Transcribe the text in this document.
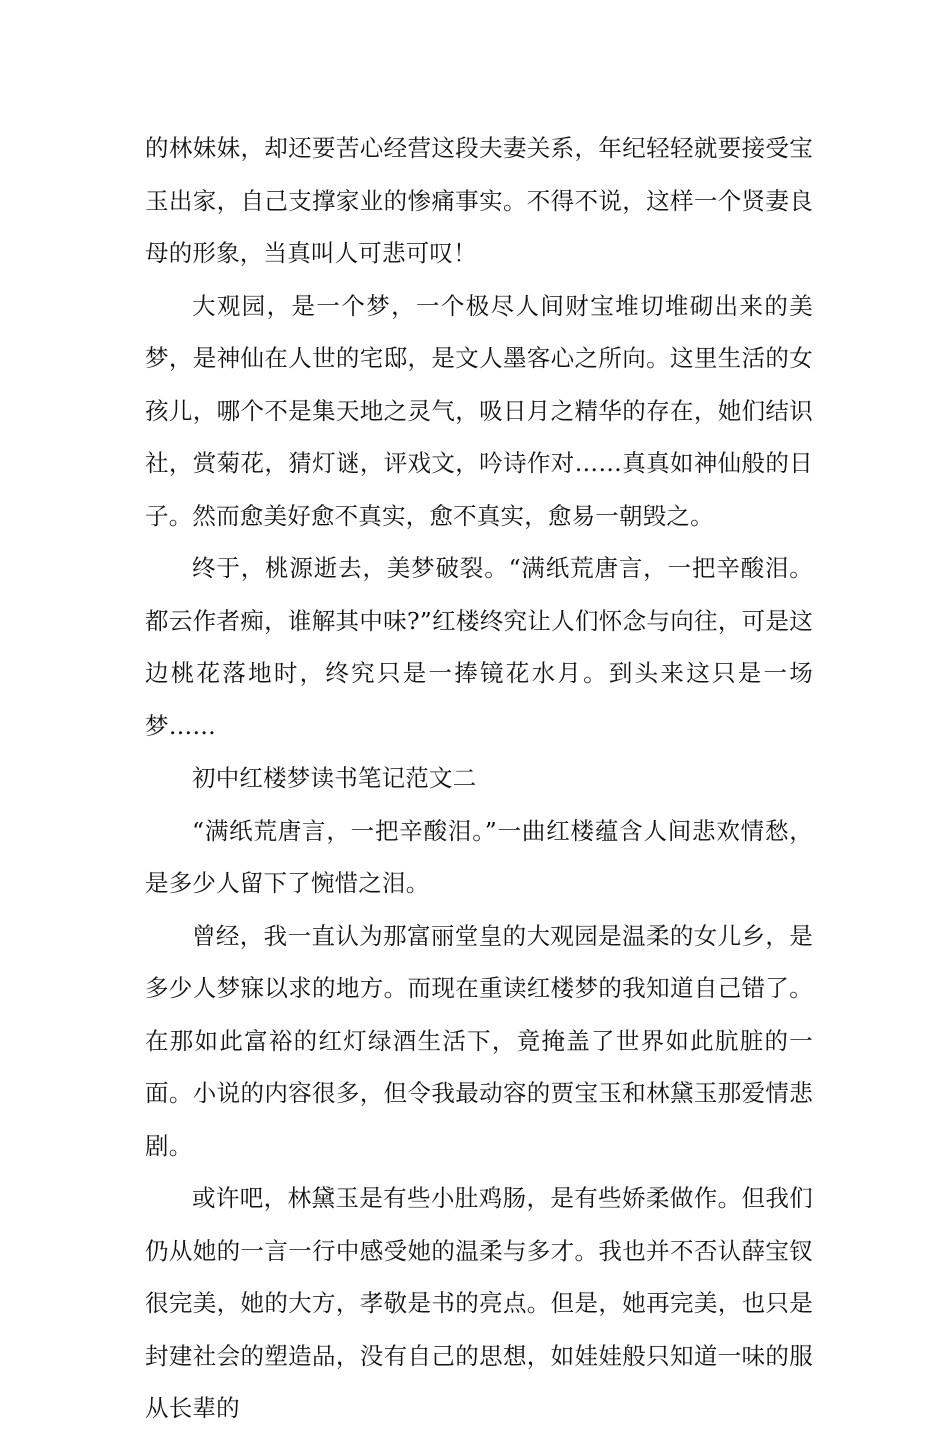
的林妹妹，却还要苦心经营这段夫妻关系，年纪轻轻就要接受宝玉出家，自己支撑家业的惨痛事实。不得不说，这样一个贤妻良母的形象，当真叫人可悲可叹！

大观园，是一个梦，一个极尽人间财宝堆切堆砌出来的美梦，是神仙在人世的宅邸，是文人墨客心之所向。这里生活的女孩儿，哪个不是集天地之灵气，吸日月之精华的存在，她们结识社，赏菊花，猜灯谜，评戏文，吟诗作对……真真如神仙般的日子。然而愈美好愈不真实，愈不真实，愈易一朝毁之。

终于，桃源逝去，美梦破裂。“满纸荒唐言，一把辛酸泪。都云作者痴，谁解其中味?”红楼终究让人们怀念与向往，可是这边桃花落地时，终究只是一捧镜花水月。到头来这只是一场梦……

初中红楼梦读书笔记范文二

“满纸荒唐言，一把辛酸泪。”一曲红楼蕴含人间悲欢情愁，是多少人留下了惋惜之泪。

曾经，我一直认为那富丽堂皇的大观园是温柔的女儿乡，是多少人梦寐以求的地方。而现在重读红楼梦的我知道自己错了。在那如此富裕的红灯绿酒生活下，竟掩盖了世界如此肮脏的一面。小说的内容很多，但令我最动容的贾宝玉和林黛玉那爱情悲剧。

或许吧，林黛玉是有些小肚鸡肠，是有些娇柔做作。但我们仍从她的一言一行中感受她的温柔与多才。我也并不否认薛宝钗很完美，她的大方，孝敬是书的亮点。但是，她再完美，也只是封建社会的塑造品，没有自己的思想，如娃娃般只知道一味的服从长辈的
